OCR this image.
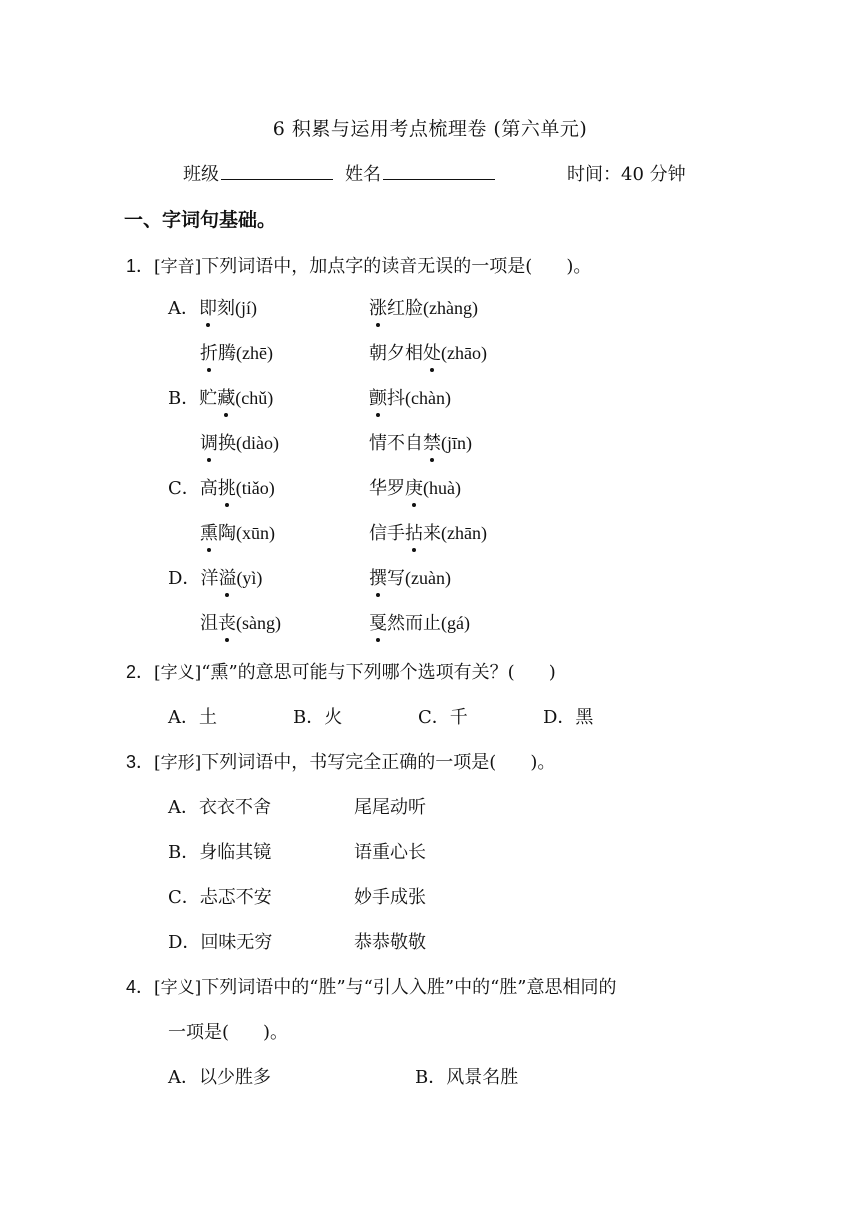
6 积累与运用考点梳理卷 (第六单元)
班级	姓名	时间：40 分钟
一、字词句基础。
1．[字音]下列词语中，加点字的读音无误的一项是( )。
A．即刻(jí)	涨红脸(zhàng)
折腾(zhē)	朝夕相处(zhāo)
B．贮藏(chǔ)	颤抖(chàn)
调换(diào)	情不自禁(jīn)
C．高挑(tiǎo)	华罗庚(huà)
熏陶(xūn)	信手拈来(zhān)
D．洋溢(yì)	撰写(zuàn)
沮丧(sàng)	戛然而止(gá)
2．[字义]“熏”的意思可能与下列哪个选项有关？( )
A．土	B．火	C．千	D．黑
3．[字形]下列词语中，书写完全正确的一项是( )。
A．衣衣不舍	尾尾动听
B．身临其镜	语重心长
C．忐忑不安	妙手成张
D．回味无穷	恭恭敬敬
4．[字义]下列词语中的“胜”与“引人入胜”中的“胜”意思相同的
一项是( )。
A．以少胜多	B．风景名胜
